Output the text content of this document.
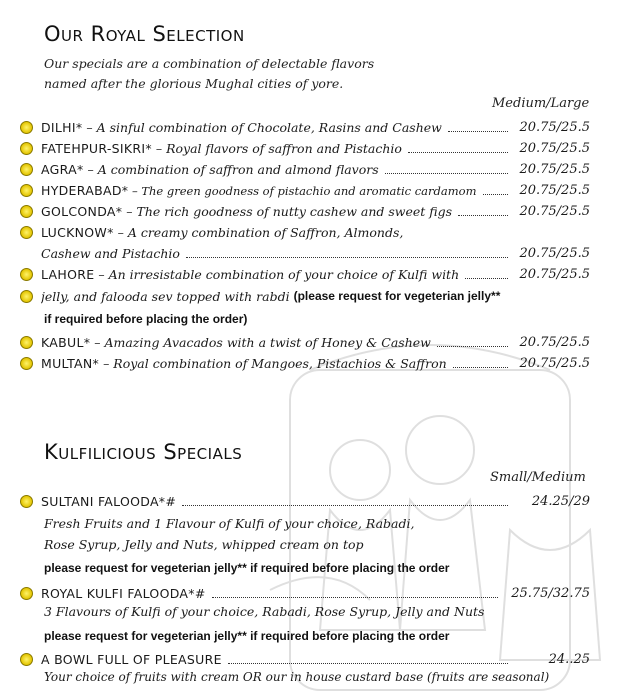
Our Royal Selection
Our specials are a combination of delectable flavors
named after the glorious Mughal cities of yore.
Medium/Large
DILHI* – A sinful combination of Chocolate, Rasins and Cashew	20.75/25.5
FATEHPUR-SIKRI* – Royal flavors of saffron and Pistachio	20.75/25.5
AGRA* – A combination of saffron and almond flavors	20.75/25.5
HYDERABAD* – The green goodness of pistachio and aromatic cardamom	20.75/25.5
GOLCONDA* – The rich goodness of nutty cashew and sweet figs	20.75/25.5
LUCKNOW* – A creamy combination of Saffron, Almonds,
Cashew and Pistachio	20.75/25.5
LAHORE – An irresistable combination of your choice of Kulfi with	20.75/25.5
jelly, and falooda sev topped with rabdi (please request for vegeterian jelly**
if required before placing the order)
KABUL* – Amazing Avacados with a twist of Honey & Cashew	20.75/25.5
MULTAN* – Royal combination of Mangoes, Pistachios & Saffron	20.75/25.5
Kulfilicious Specials
Small/Medium
SULTANI FALOODA*#	24.25/29
Fresh Fruits and 1 Flavour of Kulfi of your choice, Rabadi,
Rose Syrup, Jelly and Nuts, whipped cream on top
please request for vegeterian jelly** if required before placing the order
ROYAL KULFI FALOODA*#	25.75/32.75
3 Flavours of Kulfi of your choice, Rabadi, Rose Syrup, Jelly and Nuts
please request for vegeterian jelly** if required before placing the order
A BOWL FULL OF PLEASURE	24..25
Your choice of fruits with cream OR our in house custard base (fruits are seasonal)
